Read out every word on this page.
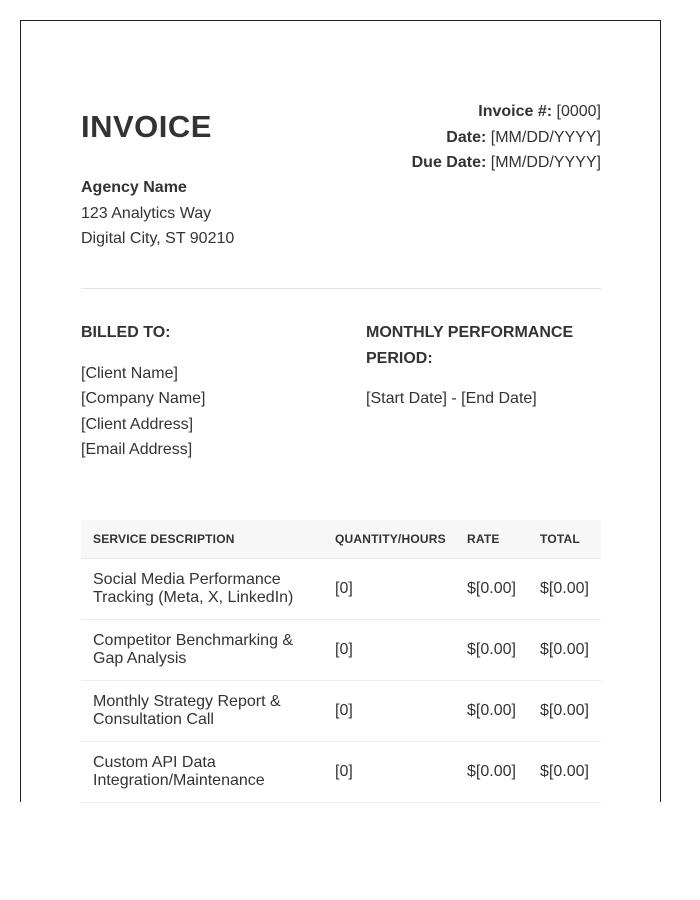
INVOICE	Invoice #: [0000]
Date: [MM/DD/YYYY]
Due Date: [MM/DD/YYYY]
Agency Name
123 Analytics Way
Digital City, ST 90210
BILLED TO:
[Client Name]
[Company Name]
[Client Address]
[Email Address]
MONTHLY PERFORMANCE PERIOD:
[Start Date] - [End Date]
SERVICE DESCRIPTION	QUANTITY/HOURS	RATE	TOTAL
Social Media Performance Tracking (Meta, X, LinkedIn)	[0]	$[0.00]	$[0.00]
Competitor Benchmarking & Gap Analysis	[0]	$[0.00]	$[0.00]
Monthly Strategy Report & Consultation Call	[0]	$[0.00]	$[0.00]
Custom API Data Integration/Maintenance	[0]	$[0.00]	$[0.00]
